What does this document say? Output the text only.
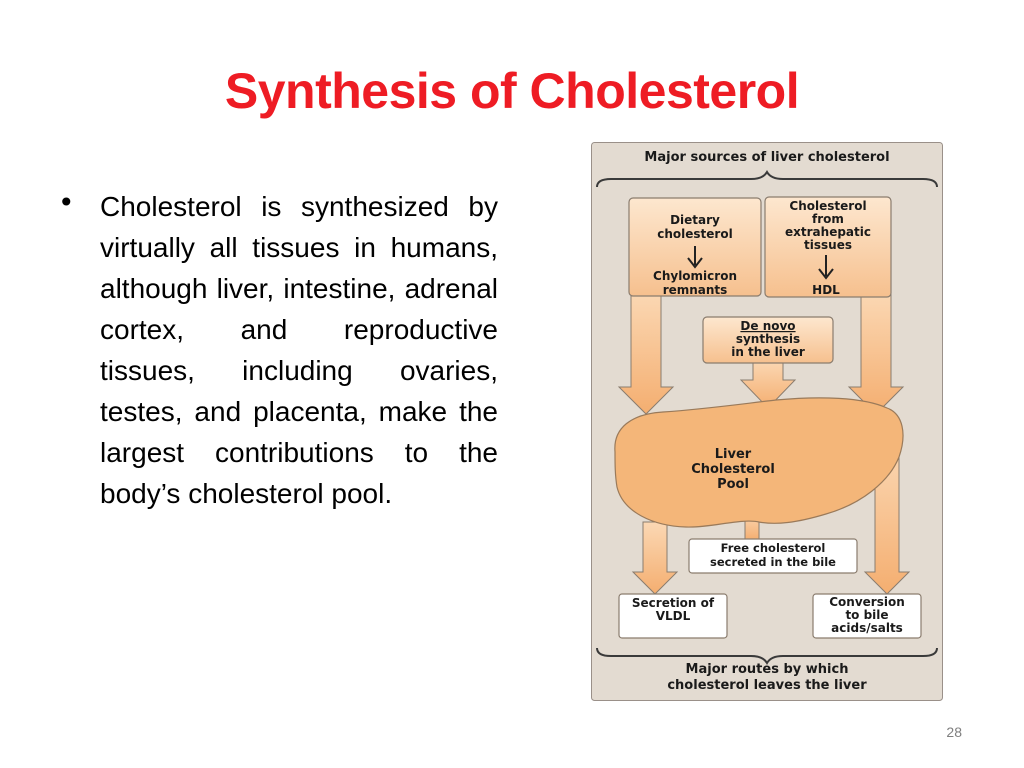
Synthesis of Cholesterol
• Cholesterol is synthesized by virtually all tissues in humans, although liver, intestine, adrenal cortex, and reproductive tissues, including ovaries, testes, and placenta, make the largest contributions to the body’s cholesterol pool.
Major sources of liver cholesterol
Dietary
cholesterol
Chylomicron
remnants
Cholesterol
from
extrahepatic
tissues
HDL
De novo
synthesis
in the liver
Liver
Cholesterol
Pool
Free cholesterol
secreted in the bile
Secretion of
VLDL
Conversion
to bile
acids/salts
Major routes by which
cholesterol leaves the liver
28
